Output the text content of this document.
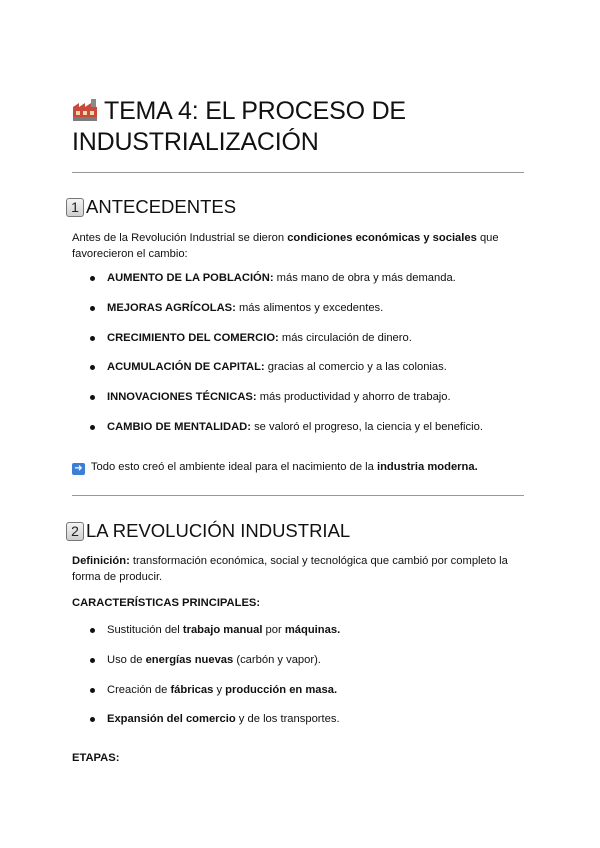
TEMA 4: EL PROCESO DE INDUSTRIALIZACIÓN
1 ANTECEDENTES

Antes de la Revolución Industrial se dieron condiciones económicas y sociales que favorecieron el cambio:

AUMENTO DE LA POBLACIÓN: más mano de obra y más demanda.
MEJORAS AGRÍCOLAS: más alimentos y excedentes.
CRECIMIENTO DEL COMERCIO: más circulación de dinero.
ACUMULACIÓN DE CAPITAL: gracias al comercio y a las colonias.
INNOVACIONES TÉCNICAS: más productividad y ahorro de trabajo.
CAMBIO DE MENTALIDAD: se valoró el progreso, la ciencia y el beneficio.

➜ Todo esto creó el ambiente ideal para el nacimiento de la industria moderna.

2 LA REVOLUCIÓN INDUSTRIAL

Definición: transformación económica, social y tecnológica que cambió por completo la forma de producir.

CARACTERÍSTICAS PRINCIPALES:

Sustitución del trabajo manual por máquinas.
Uso de energías nuevas (carbón y vapor).
Creación de fábricas y producción en masa.
Expansión del comercio y de los transportes.

ETAPAS:
